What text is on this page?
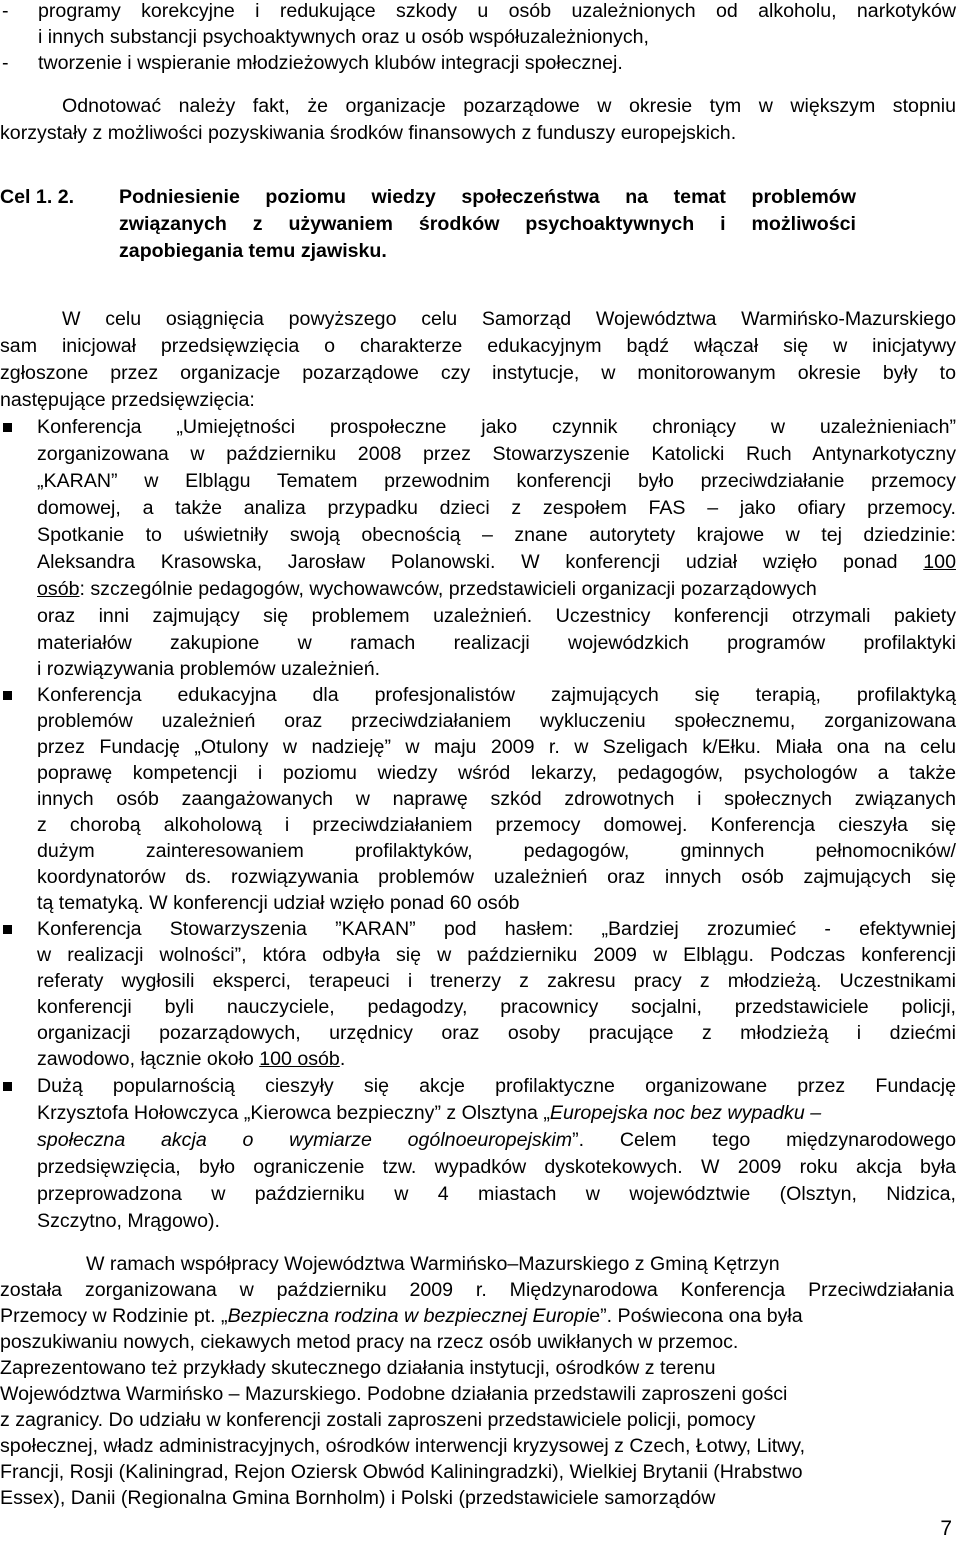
- programy korekcyjne i redukujące szkody u osób uzależnionych od alkoholu, narkotyków
i innych substancji psychoaktywnych oraz u osób współuzależnionych,
- tworzenie i wspieranie młodzieżowych klubów integracji społecznej.
Odnotować należy fakt, że organizacje pozarządowe w okresie tym w większym stopniu
korzystały z możliwości pozyskiwania środków finansowych z funduszy europejskich.
Cel 1. 2.	Podniesienie poziomu wiedzy społeczeństwa na temat problemów
związanych z używaniem środków psychoaktywnych i możliwości
zapobiegania temu zjawisku.
W celu osiągnięcia powyższego celu Samorząd Województwa Warmińsko-Mazurskiego
sam inicjował przedsięwzięcia o charakterze edukacyjnym bądź włączał się w inicjatywy
zgłoszone przez organizacje pozarządowe czy instytucje, w monitorowanym okresie były to
następujące przedsięwzięcia:
Konferencja „Umiejętności prospołeczne jako czynnik chroniący w uzależnieniach”
zorganizowana w październiku 2008 przez Stowarzyszenie Katolicki Ruch Antynarkotyczny
„KARAN” w Elblągu Tematem przewodnim konferencji było przeciwdziałanie przemocy
domowej, a także analiza przypadku dzieci z zespołem FAS – jako ofiary przemocy.
Spotkanie to uświetniły swoją obecnością – znane autorytety krajowe w tej dziedzinie:
Aleksandra Krasowska, Jarosław Polanowski. W konferencji udział wzięło ponad 100
osób: szczególnie pedagogów, wychowawców, przedstawicieli organizacji pozarządowych
oraz inni zajmujący się problemem uzależnień. Uczestnicy konferencji otrzymali pakiety
materiałów zakupione w ramach realizacji wojewódzkich programów profilaktyki
i rozwiązywania problemów uzależnień.
Konferencja edukacyjna dla profesjonalistów zajmujących się terapią, profilaktyką
problemów uzależnień oraz przeciwdziałaniem wykluczeniu społecznemu, zorganizowana
przez Fundację „Otulony w nadzieję” w maju 2009 r. w Szeligach k/Ełku. Miała ona na celu
poprawę kompetencji i poziomu wiedzy wśród lekarzy, pedagogów, psychologów a także
innych osób zaangażowanych w naprawę szkód zdrowotnych i społecznych związanych
z chorobą alkoholową i przeciwdziałaniem przemocy domowej. Konferencja cieszyła się
dużym zainteresowaniem profilaktyków, pedagogów, gminnych pełnomocników/
koordynatorów ds. rozwiązywania problemów uzależnień oraz innych osób zajmujących się
tą tematyką. W konferencji udział wzięło ponad 60 osób
Konferencja Stowarzyszenia ”KARAN” pod hasłem: „Bardziej zrozumieć - efektywniej
w realizacji wolności”, która odbyła się w październiku 2009 w Elblągu. Podczas konferencji
referaty wygłosili eksperci, terapeuci i trenerzy z zakresu pracy z młodzieżą. Uczestnikami
konferencji byli nauczyciele, pedagodzy, pracownicy socjalni, przedstawiciele policji,
organizacji pozarządowych, urzędnicy oraz osoby pracujące z młodzieżą i dziećmi
zawodowo, łącznie około 100 osób.
Dużą popularnością cieszyły się akcje profilaktyczne organizowane przez Fundację
Krzysztofa Hołowczyca „Kierowca bezpieczny” z Olsztyna „Europejska noc bez wypadku –
społeczna akcja o wymiarze ogólnoeuropejskim”. Celem tego międzynarodowego
przedsięwzięcia, było ograniczenie tzw. wypadków dyskotekowych. W 2009 roku akcja była
przeprowadzona w październiku w 4 miastach w województwie (Olsztyn, Nidzica,
Szczytno, Mrągowo).
W ramach współpracy Województwa Warmińsko–Mazurskiego z Gminą Kętrzyn
została zorganizowana w październiku 2009 r. Międzynarodowa Konferencja Przeciwdziałania
Przemocy w Rodzinie pt. „Bezpieczna rodzina w bezpiecznej Europie”. Poświecona ona była
poszukiwaniu nowych, ciekawych metod pracy na rzecz osób uwikłanych w przemoc.
Zaprezentowano też przykłady skutecznego działania instytucji, ośrodków z terenu
Województwa Warmińsko – Mazurskiego. Podobne działania przedstawili zaproszeni gości
z zagranicy. Do udziału w konferencji zostali zaproszeni przedstawiciele policji, pomocy
społecznej, władz administracyjnych, ośrodków interwencji kryzysowej z Czech, Łotwy, Litwy,
Francji, Rosji (Kaliningrad, Rejon Oziersk Obwód Kaliningradzki), Wielkiej Brytanii (Hrabstwo
Essex), Danii (Regionalna Gmina Bornholm) i Polski (przedstawiciele samorządów
7
